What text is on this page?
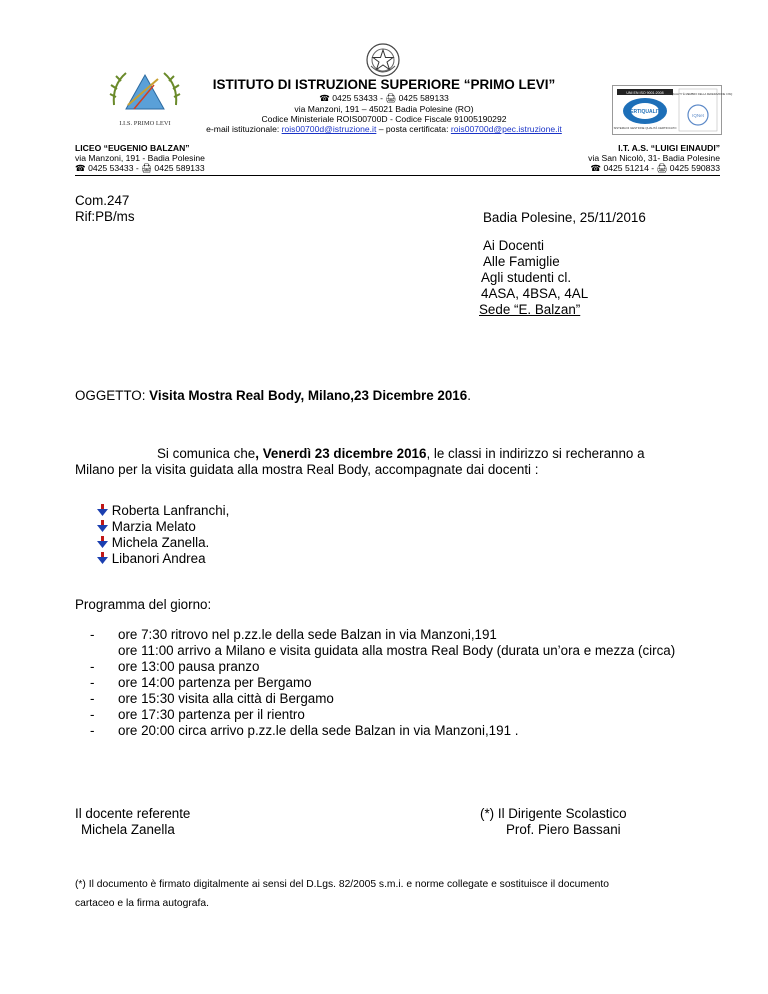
I.I.S. PRIMO LEVI
ISTITUTO DI ISTRUZIONE SUPERIORE “PRIMO LEVI”
☎ 0425 53433 - 🖨 0425 589133
via Manzoni, 191 – 45021 Badia Polesine (RO)
Codice Ministeriale ROIS00700D - Codice Fiscale 91005190292
e-mail istituzionale: rois00700d@istruzione.it – posta certificata: rois00700d@pec.istruzione.it
UNI EN ISO 9001:2008
CERTIQUALITY
SISTEMA DI GESTIONE QUALITÀ CERTIFICATO
CERTIQUALITY È MEMBRO DELLA FEDERAZIONE CISQ
IQNet
LICEO “EUGENIO BALZAN”
via Manzoni, 191 - Badia Polesine
☎ 0425 53433 - 🖨 0425 589133
I.T. A.S. “LUIGI EINAUDI”
via San Nicolò, 31- Badia Polesine
☎ 0425 51214 - 🖨 0425 590833
Com.247
Rif:PB/ms	Badia Polesine, 25/11/2016
Ai Docenti
Alle Famiglie
Agli studenti cl.
4ASA, 4BSA, 4AL
Sede “E. Balzan”
OGGETTO: Visita Mostra Real Body, Milano,23 Dicembre 2016.
Si comunica che, Venerdì 23 dicembre 2016, le classi in indirizzo si recheranno a
Milano per la visita guidata alla mostra Real Body, accompagnate dai docenti :
Roberta Lanfranchi,
Marzia Melato
Michela Zanella.
Libanori Andrea
Programma del giorno:
- ore 7:30 ritrovo nel p.zz.le della sede Balzan in via Manzoni,191
ore 11:00 arrivo a Milano e visita guidata alla mostra Real Body (durata un’ora e mezza (circa)
- ore 13:00 pausa pranzo
- ore 14:00 partenza per Bergamo
- ore 15:30 visita alla città di Bergamo
- ore 17:30 partenza per il rientro
- ore 20:00 circa arrivo p.zz.le della sede Balzan in via Manzoni,191 .
Il docente referente
Michela Zanella
(*) Il Dirigente Scolastico
Prof. Piero Bassani
(*) Il documento è firmato digitalmente ai sensi del D.Lgs. 82/2005 s.m.i. e norme collegate e sostituisce il documento
cartaceo e la firma autografa.
